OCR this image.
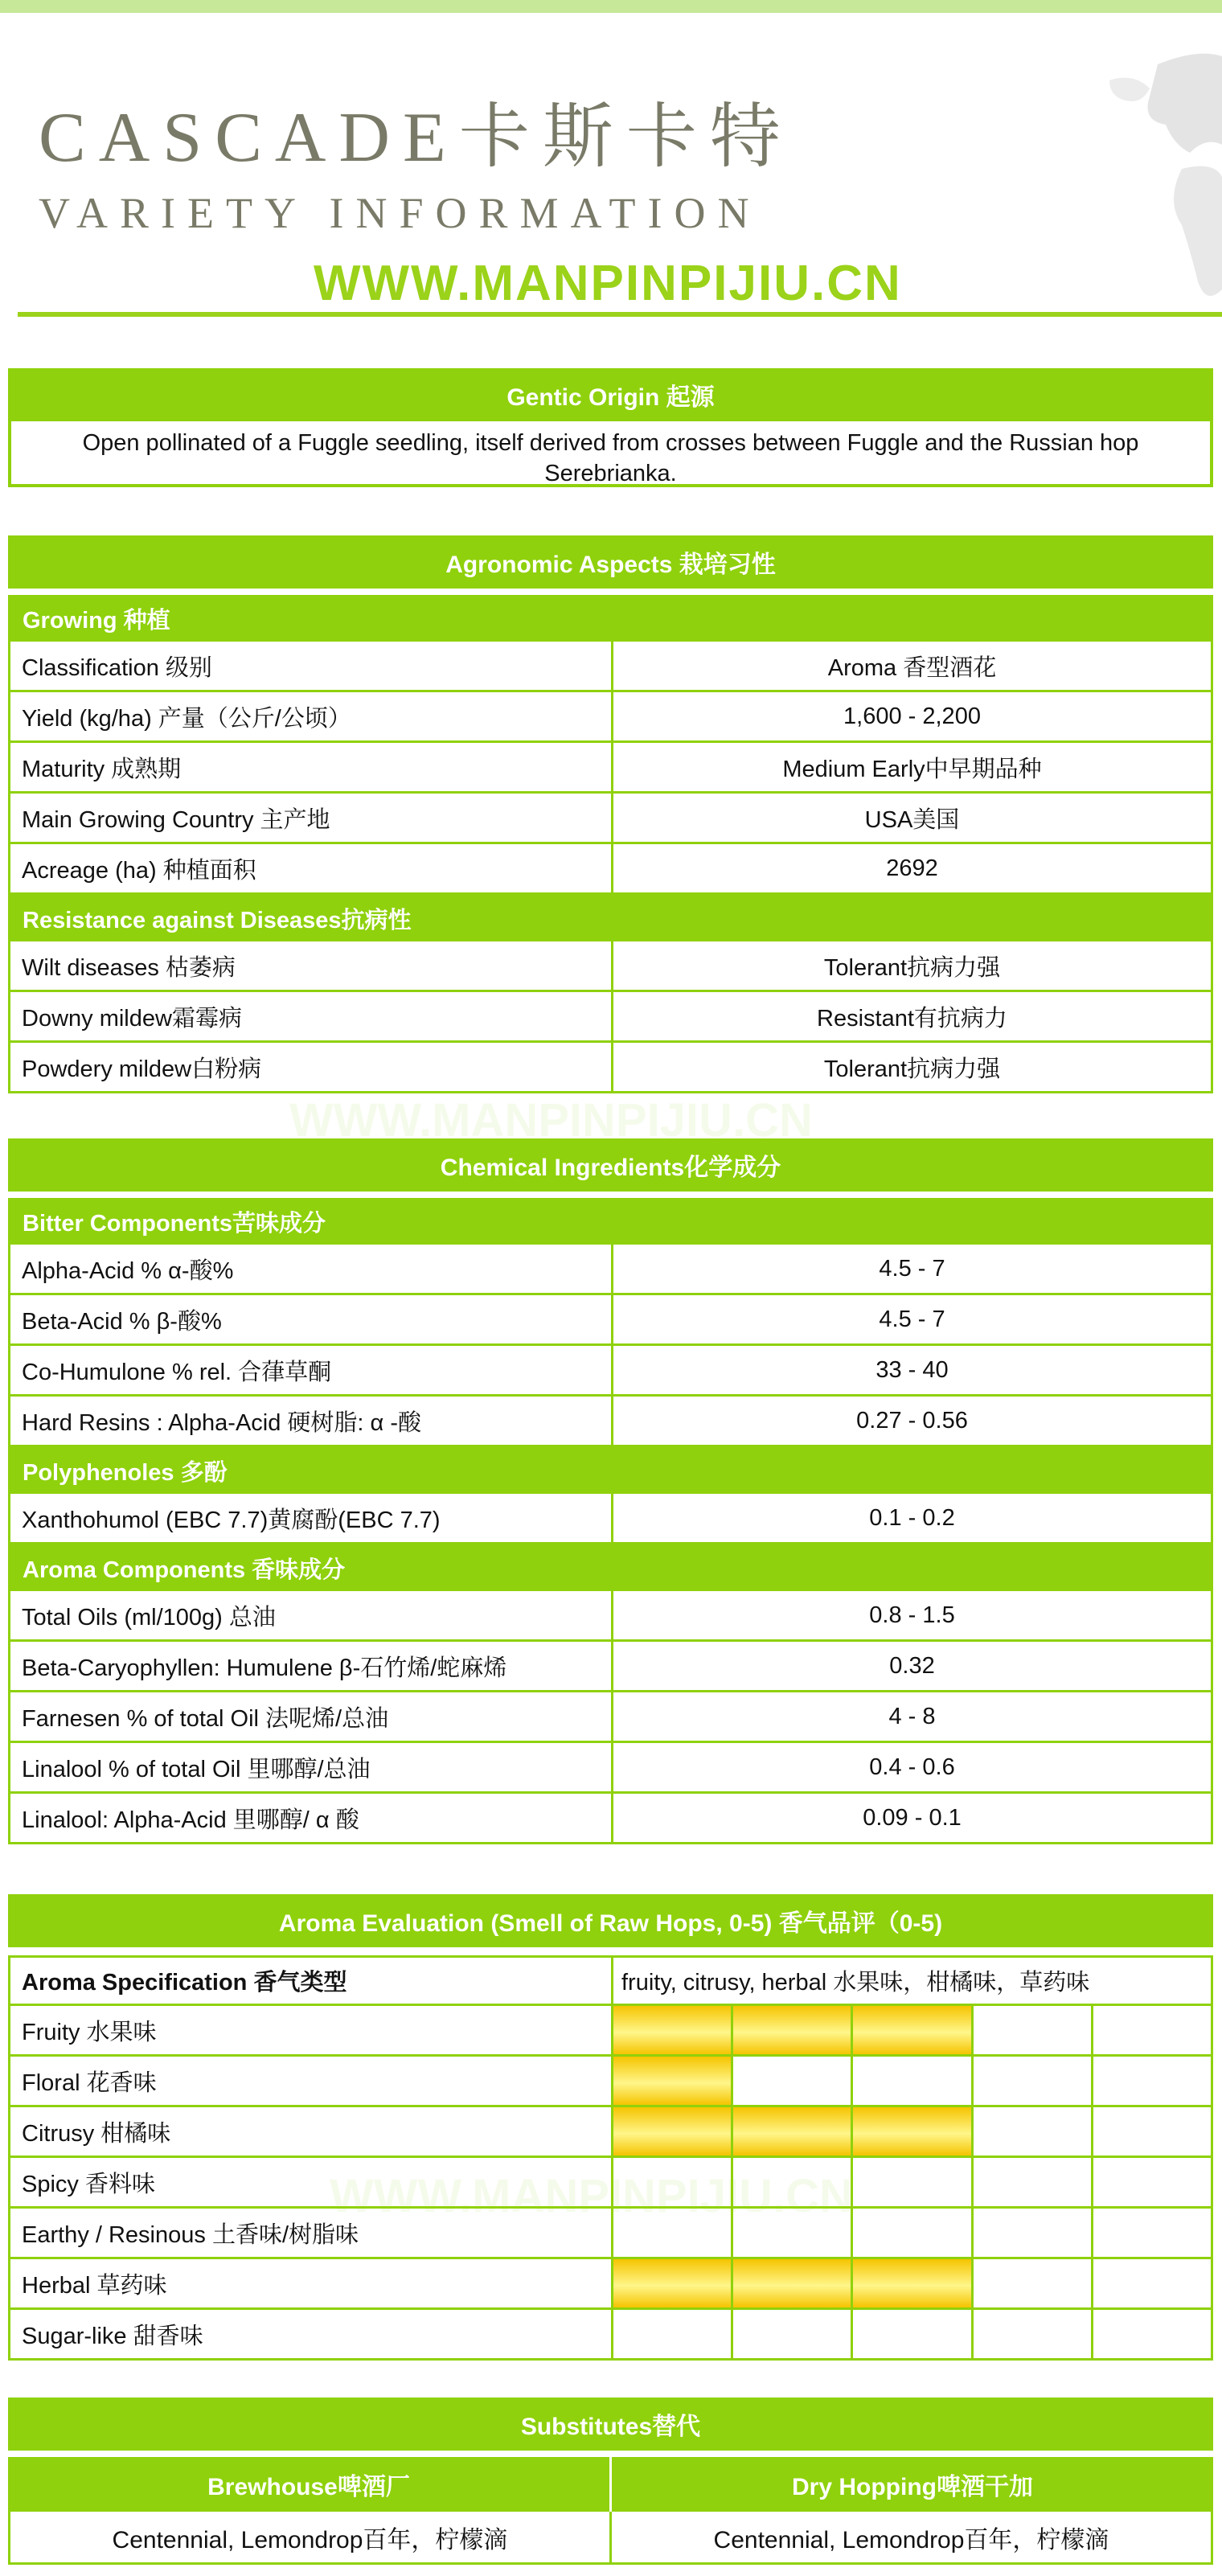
CASCADE卡斯卡特
VARIETY INFORMATION
WWW.MANPINPIJIU.CN
Gentic Origin 起源
Open pollinated of a Fuggle seedling, itself derived from crosses between Fuggle and the Russian hop Serebrianka.
Agronomic Aspects 栽培习性
Growing 种植
Classification 级别	Aroma 香型酒花
Yield (kg/ha) 产量（公斤/公顷）	1,600 - 2,200
Maturity 成熟期	Medium Early中早期品种
Main Growing Country 主产地	USA美国
Acreage (ha) 种植面积	2692
Resistance against Diseases抗病性
Wilt diseases 枯萎病	Tolerant抗病力强
Downy mildew霜霉病	Resistant有抗病力
Powdery mildew白粉病	Tolerant抗病力强
Chemical Ingredients化学成分
Bitter Components苦味成分
Alpha-Acid % α-酸%	4.5 - 7
Beta-Acid % β-酸%	4.5 - 7
Co-Humulone % rel. 合葎草酮	33 - 40
Hard Resins : Alpha-Acid 硬树脂: α -酸	0.27 - 0.56
Polyphenoles 多酚
Xanthohumol (EBC 7.7)黄腐酚(EBC 7.7)	0.1 - 0.2
Aroma Components 香味成分
Total Oils (ml/100g) 总油	0.8 - 1.5
Beta-Caryophyllen: Humulene β-石竹烯/蛇麻烯	0.32
Farnesen % of total Oil 法呢烯/总油	4 - 8
Linalool % of total Oil 里哪醇/总油	0.4 - 0.6
Linalool: Alpha-Acid 里哪醇/ α 酸	0.09 - 0.1
Aroma Evaluation (Smell of Raw Hops, 0-5) 香气品评（0-5)
Aroma Specification 香气类型	fruity, citrusy, herbal 水果味，柑橘味，草药味
Fruity 水果味
Floral 花香味
Citrusy 柑橘味
Spicy 香料味
Earthy / Resinous 土香味/树脂味
Herbal 草药味
Sugar-like 甜香味
Substitutes替代
Brewhouse啤酒厂	Dry Hopping啤酒干加
Centennial, Lemondrop百年，柠檬滴	Centennial, Lemondrop百年，柠檬滴
WWW.MANPINPIJIU.CN
WWW.MANPINPIJIU.CN
